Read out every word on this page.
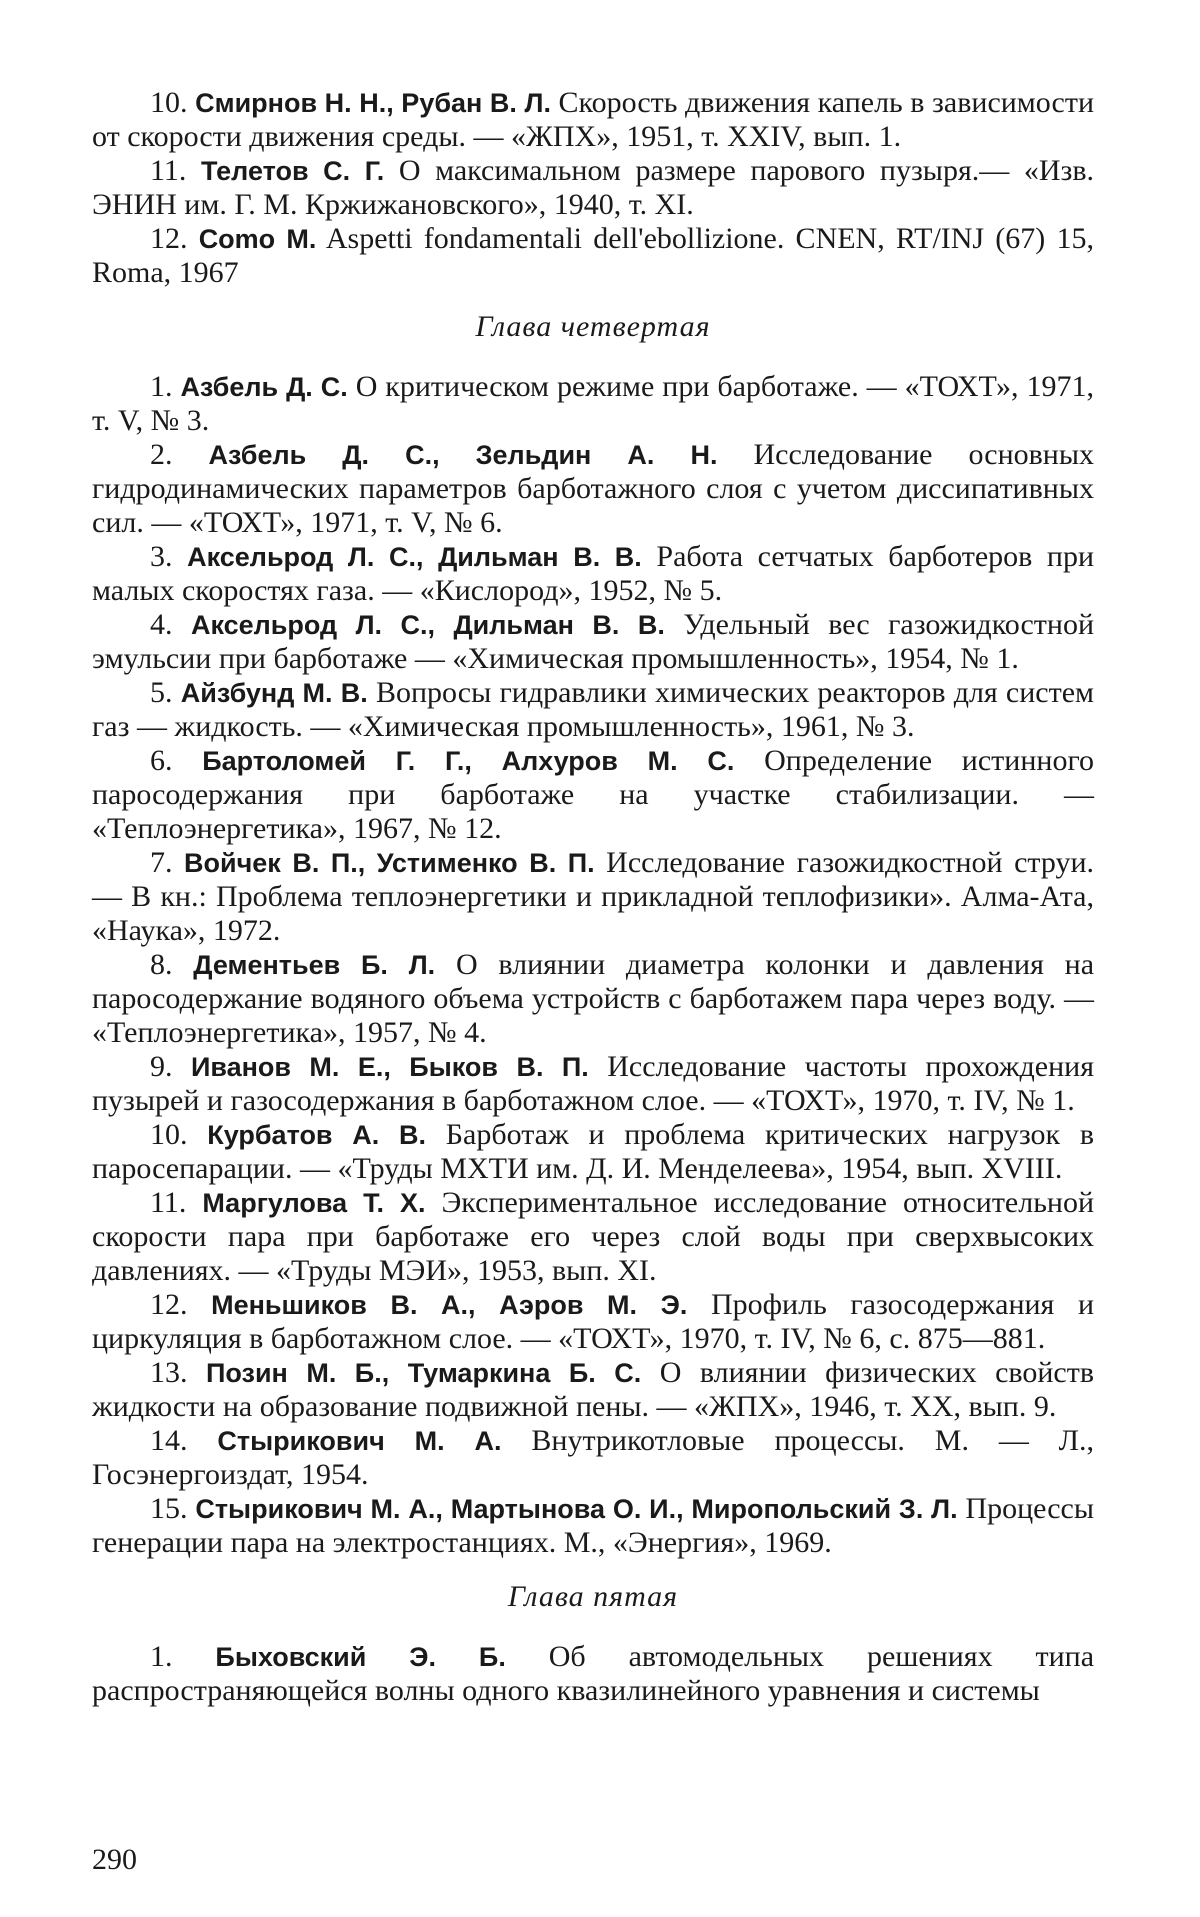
10. Смирнов Н. Н., Рубан В. Л. Скорость движения капель в зависимости от скорости движения среды. — «ЖПХ», 1951, т. XXIV, вып. 1.

11. Телетов С. Г. О максимальном размере парового пузыря.— «Изв. ЭНИН им. Г. М. Кржижановского», 1940, т. XI.

12. Como M. Aspetti fondamentali dell'ebollizione. CNEN, RT/INJ (67) 15, Roma, 1967

Глава четвертая

1. Азбель Д. С. О критическом режиме при барботаже. — «ТОХТ», 1971, т. V, № 3.

2. Азбель Д. С., Зельдин А. Н. Исследование основных гидродинамических параметров барботажного слоя с учетом диссипативных сил. — «ТОХТ», 1971, т. V, № 6.

3. Аксельрод Л. С., Дильман В. В. Работа сетчатых барботеров при малых скоростях газа. — «Кислород», 1952, № 5.

4. Аксельрод Л. С., Дильман В. В. Удельный вес газожидкостной эмульсии при барботаже — «Химическая промышленность», 1954, № 1.

5. Айзбунд М. В. Вопросы гидравлики химических реакторов для систем газ — жидкость. — «Химическая промышленность», 1961, № 3.

6. Бартоломей Г. Г., Алхуров М. С. Определение истинного паросодержания при барботаже на участке стабилизации. — «Теплоэнергетика», 1967, № 12.

7. Войчек В. П., Устименко В. П. Исследование газожидкостной струи. — В кн.: Проблема теплоэнергетики и прикладной теплофизики». Алма-Ата, «Наука», 1972.

8. Дементьев Б. Л. О влиянии диаметра колонки и давления на паросодержание водяного объема устройств с барботажем пара через воду. — «Теплоэнергетика», 1957, № 4.

9. Иванов М. Е., Быков В. П. Исследование частоты прохождения пузырей и газосодержания в барботажном слое. — «ТОХТ», 1970, т. IV, № 1.

10. Курбатов А. В. Барботаж и проблема критических нагрузок в паросепарации. — «Труды МХТИ им. Д. И. Менделеева», 1954, вып. XVIII.

11. Маргулова Т. Х. Экспериментальное исследование относительной скорости пара при барботаже его через слой воды при сверхвысоких давлениях. — «Труды МЭИ», 1953, вып. XI.

12. Меньшиков В. А., Аэров М. Э. Профиль газосодержания и циркуляция в барботажном слое. — «ТОХТ», 1970, т. IV, № 6, с. 875—881.

13. Позин М. Б., Тумаркина Б. С. О влиянии физических свойств жидкости на образование подвижной пены. — «ЖПХ», 1946, т. XX, вып. 9.

14. Стырикович М. А. Внутрикотловые процессы. М. — Л., Госэнергоиздат, 1954.

15. Стырикович М. А., Мартынова О. И., Миропольский З. Л. Процессы генерации пара на электростанциях. М., «Энергия», 1969.

Глава пятая

1. Быховский Э. Б. Об автомодельных решениях типа распространяющейся волны одного квазилинейного уравнения и системы

290
